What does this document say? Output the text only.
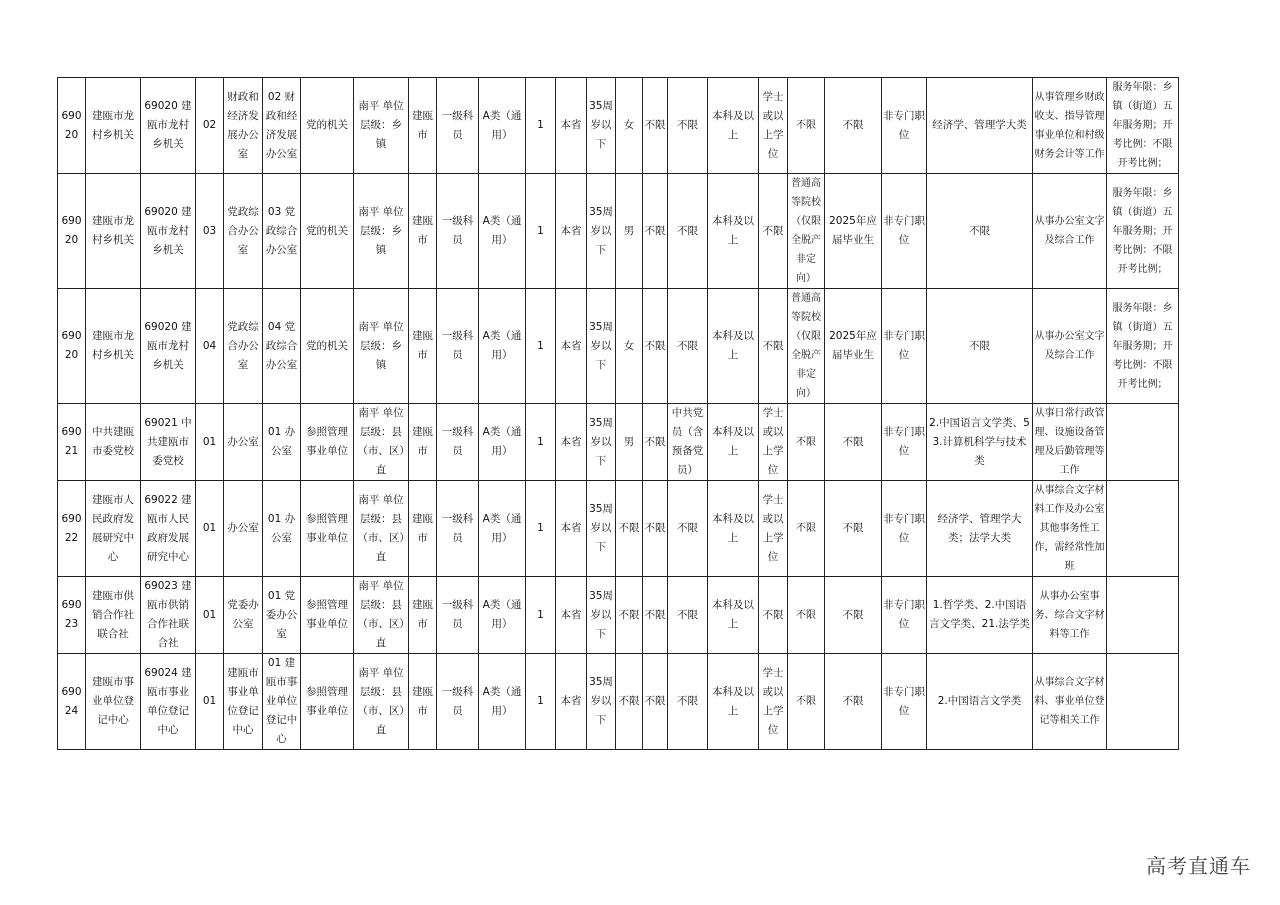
69020	建瓯市龙村乡机关	69020 建瓯市龙村乡机关	02	财政和经济发展办公室	02 财政和经济发展办公室	党的机关	南平 单位层级：乡镇	建瓯市	一级科员	A类（通用）	1	本省	35周岁以下	女	不限	不限	本科及以上	学士或以上学位	不限	不限	非专门职位	经济学、管理学大类	从事管理乡财政收支、指导管理事业单位和村级财务会计等工作	服务年限：乡镇（街道）五年服务期；开考比例：不限开考比例；
69020	建瓯市龙村乡机关	69020 建瓯市龙村乡机关	03	党政综合办公室	03 党政综合办公室	党的机关	南平 单位层级：乡镇	建瓯市	一级科员	A类（通用）	1	本省	35周岁以下	男	不限	不限	本科及以上	不限	普通高等院校（仅限全脱产非定向）	2025年应届毕业生	非专门职位	不限	从事办公室文字及综合工作	服务年限：乡镇（街道）五年服务期；开考比例：不限开考比例；
69020	建瓯市龙村乡机关	69020 建瓯市龙村乡机关	04	党政综合办公室	04 党政综合办公室	党的机关	南平 单位层级：乡镇	建瓯市	一级科员	A类（通用）	1	本省	35周岁以下	女	不限	不限	本科及以上	不限	普通高等院校（仅限全脱产非定向）	2025年应届毕业生	非专门职位	不限	从事办公室文字及综合工作	服务年限：乡镇（街道）五年服务期；开考比例：不限开考比例；
69021	中共建瓯市委党校	69021 中共建瓯市委党校	01	办公室	01 办公室	参照管理事业单位	南平 单位层级：县（市、区）直	建瓯市	一级科员	A类（通用）	1	本省	35周岁以下	男	不限	中共党员（含预备党员）	本科及以上	学士或以上学位	不限	不限	非专门职位	2.中国语言文学类、53.计算机科学与技术类	从事日常行政管理、设施设备管理及后勤管理等工作	
69022	建瓯市人民政府发展研究中心	69022 建瓯市人民政府发展研究中心	01	办公室	01 办公室	参照管理事业单位	南平 单位层级：县（市、区）直	建瓯市	一级科员	A类（通用）	1	本省	35周岁以下	不限	不限	不限	本科及以上	学士或以上学位	不限	不限	非专门职位	经济学、管理学大类；法学大类	从事综合文字材料工作及办公室其他事务性工作，需经常性加班	
69023	建瓯市供销合作社联合社	69023 建瓯市供销合作社联合社	01	党委办公室	01 党委办公室	参照管理事业单位	南平 单位层级：县（市、区）直	建瓯市	一级科员	A类（通用）	1	本省	35周岁以下	不限	不限	不限	本科及以上	不限	不限	不限	非专门职位	1.哲学类、2.中国语言文学类、21.法学类	从事办公室事务、综合文字材料等工作	
69024	建瓯市事业单位登记中心	69024 建瓯市事业单位登记中心	01	建瓯市事业单位登记中心	01 建瓯市事业单位登记中心	参照管理事业单位	南平 单位层级：县（市、区）直	建瓯市	一级科员	A类（通用）	1	本省	35周岁以下	不限	不限	不限	本科及以上	学士或以上学位	不限	不限	非专门职位	2.中国语言文学类	从事综合文字材料、事业单位登记等相关工作	
高考直通车
